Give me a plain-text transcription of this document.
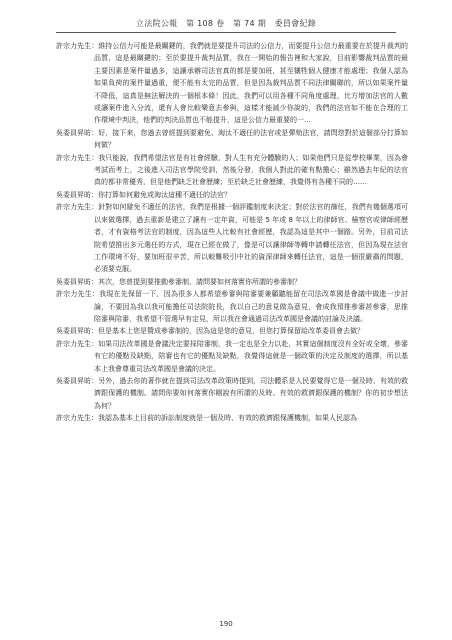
立法院公報 第 108 卷 第 74 期 委員會紀錄

許宗力先生：維持公信力可能是最關鍵的，我們就是要提升司法的公信力，而要提升公信力最重要在於提升裁判的品質，這是最關鍵的；至於要提升裁判品質，我在一開始的報告裡和大家說，目前影響裁判品質的最主要因素是案件量過多，這讓承辦司法官真的都是要加班，甚至犧牲個人健康才能處理；我個人認為如果負荷的案件量過重，便不能有太完的品質，但是因為裁判品質不同法律關聯的，所以如果案件量不降低，這真是無法解決的一個根本條！因此，我們可以用各種不同角度處理，比方增加法官的人數或讓案件進入分流，還有人會比較樂意去參與，這樣才能減少你說的，我們的法官如不能在合理的工作環境中判決，他們的判決品質也不能提升，這是公信力最重要的一…

吳委員昇昉：好，接下來，您過去曾經提到要避免、淘汰不適任的法官或是彈劾法官，請問您對於這個部分打算如何做？

許宗力先生：我只能說，我們希望法官是有社會經驗，對人生有充分體驗的人；如果他們只是從學校畢業，因為會考試而考上，之後進入司法官學院受訓，然後分發，我個人對此的確有點擔心；雖然過去年紀的法官真的都非常優秀，但是他們缺乏社會歷練；至於缺乏社會歷練，我覺得有各種不同的……

吳委員昇昉：你打算如何避免或淘汰這種不適任的法官？

許宗力先生：針對如何避免不適任的法官，我們是根據一個評鑑制度來決定；對於法官的篩任，我們有幾個選項可以來做選擇，過去重新是建立了讓有一定年資，可能是 5 年或 8 年以上的律師官、檢察官或律師經歷者，才有資格考法官的制度，因為這些人比較有社會經歷，我認為這是其中一個路。另外，目前司法院希望推出多元選任的方式，現在已經在做了，像是可以讓律師等轉申請轉任法官，但因為現在法官工作環境不好，要加班很辛苦，所以較難吸引中社的資深律師來轉任法官，這是一個很嚴肅的問題，必須要克服。

吳委員昇昉：其次，您曾提到要推動參審制，請問要如何落實你所謂的參審制？

許宗力先生：我現在先保留一下，因為很多人都希望參審與陪審要兼顧聽能留在司法改革國是會議中做進一步討論，不要因為我以我可能擔任司法院院長，我以自己的意見做為意見，會成我預推參審甚參審，思推陪審與陪審，我希望不管選早有定見，所以我在會通過司法改革國是會議的討論及決議。

吳委員昇昉：但是基本上您是贊成參審制的，因為這是您的意見，但您打算保留給改革委員會去做？

許宗力先生：如果司法改革國是會議決定要採陪審制，我一定也是全力以赴，其實這個制度沒有全好或全壞，參審有它的優點及缺點，陪審也有它的優點及缺點，我覺得這就是一個政策的決定及制度的選擇，所以基本上我會尊重司法改革國是會議的決定。

吳委員昇昉：另外，過去你的著作就在提到司法改革政策時提到，司法體系是人民要覺得它是一個及時、有效的救濟跟保護的機制。請問你要如何落實你剛說有所謂的及時、有效的救濟跟保護的機制？你的初步想法為何？

許宗力先生：我認為基本上目前的訴訟制度就是一個及時、有效的救濟跟保護機制，如果人民認為

190
